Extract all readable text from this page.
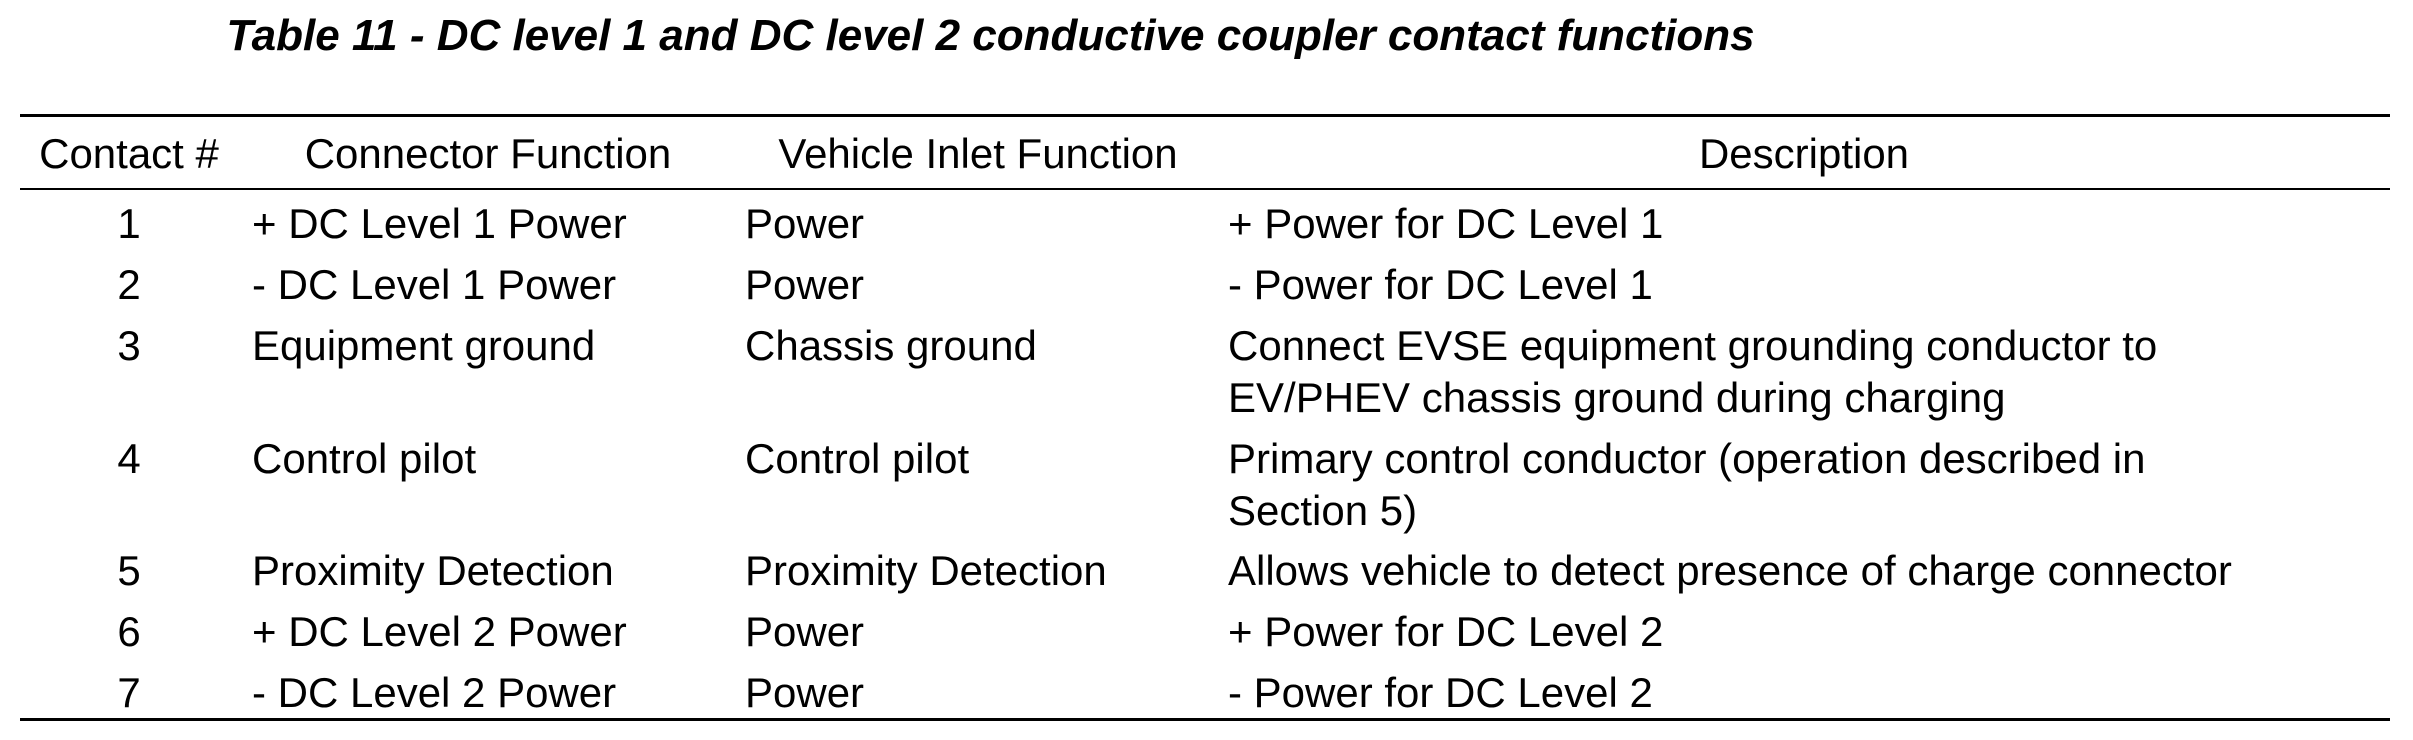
Table 11 - DC level 1 and DC level 2 conductive coupler contact functions
Contact #	Connector Function	Vehicle Inlet Function	Description
1	+ DC Level 1 Power	Power	+ Power for DC Level 1
2	- DC Level 1 Power	Power	- Power for DC Level 1
3	Equipment ground	Chassis ground	Connect EVSE equipment grounding conductor to
EV/PHEV chassis ground during charging
4	Control pilot	Control pilot	Primary control conductor (operation described in
Section 5)
5	Proximity Detection	Proximity Detection	Allows vehicle to detect presence of charge connector
6	+ DC Level 2 Power	Power	+ Power for DC Level 2
7	- DC Level 2 Power	Power	- Power for DC Level 2
